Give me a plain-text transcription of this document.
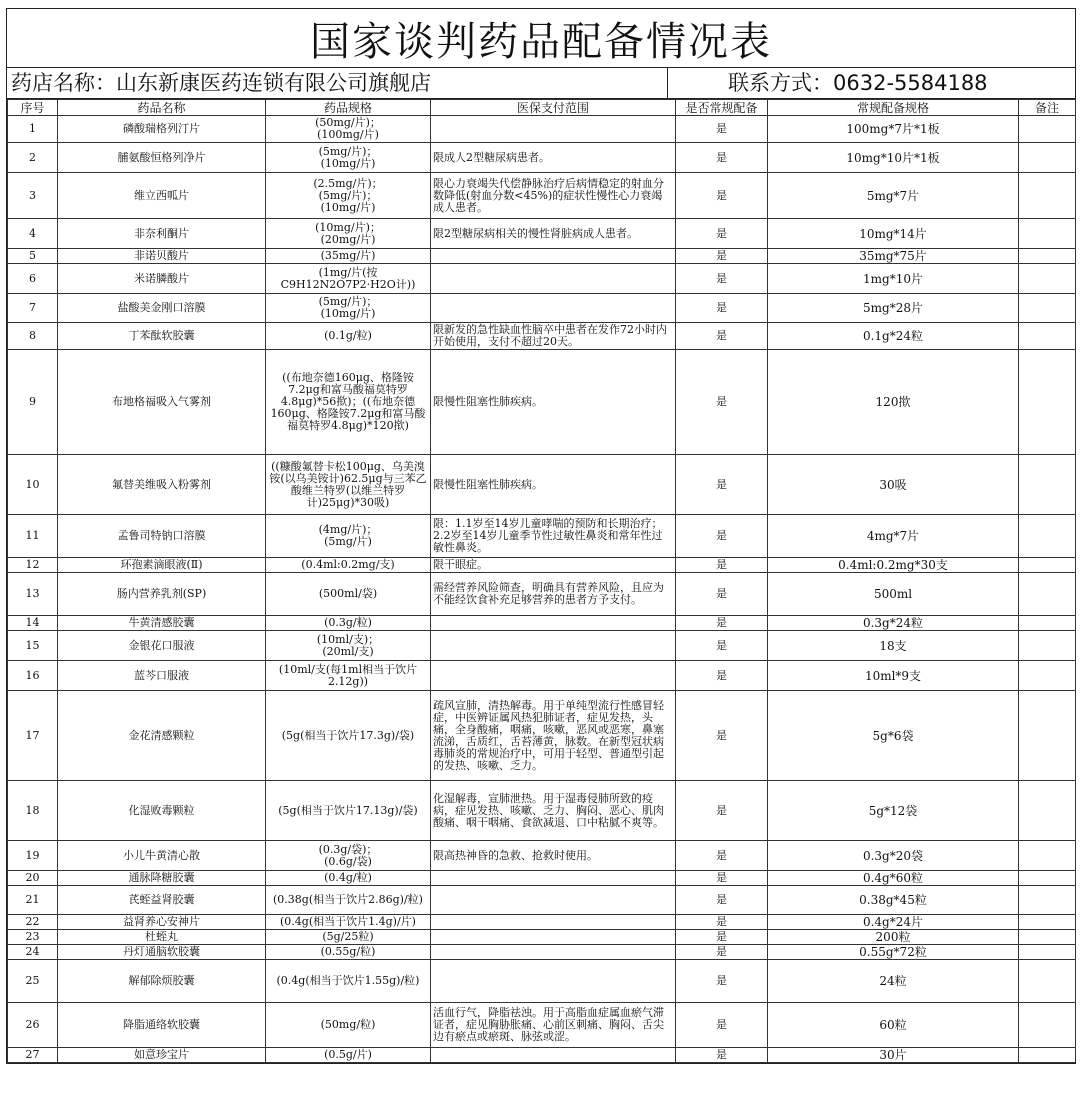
国家谈判药品配备情况表
药店名称：山东新康医药连锁有限公司旗舰店	联系方式：0632-5584188
序号	药品名称	药品规格	医保支付范围	是否常规配备	常规配备规格	备注
1	磷酸瑞格列汀片	(50mg/片)；
(100mg/片)		是	100mg*7片*1板	
2	脯氨酸恒格列净片	(5mg/片)；
(10mg/片)	限成人2型糖尿病患者。	是	10mg*10片*1板	
3	维立西呱片	(2.5mg/片)；
(5mg/片)；
(10mg/片)	限心力衰竭失代偿静脉治疗后病情稳定的射血分数降低(射血分数<45%)的症状性慢性心力衰竭成人患者。	是	5mg*7片	
4	非奈利酮片	(10mg/片)；
(20mg/片)	限2型糖尿病相关的慢性肾脏病成人患者。	是	10mg*14片	
5	非诺贝酸片	(35mg/片)		是	35mg*75片	
6	米诺膦酸片	(1mg/片(按C9H12N2O7P2·H2O计))		是	1mg*10片	
7	盐酸美金刚口溶膜	(5mg/片)；
(10mg/片)		是	5mg*28片	
8	丁苯酞软胶囊	(0.1g/粒)	限新发的急性缺血性脑卒中患者在发作72小时内开始使用，支付不超过20天。	是	0.1g*24粒	
9	布地格福吸入气雾剂	((布地奈德160μg、格隆铵7.2μg和富马酸福莫特罗4.8μg)*56揿)；((布地奈德160μg、格隆铵7.2μg和富马酸福莫特罗4.8μg)*120揿)	限慢性阻塞性肺疾病。	是	120揿	
10	氟替美维吸入粉雾剂	((糠酸氟替卡松100μg、乌美溴铵(以乌美铵计)62.5μg与三苯乙酸维兰特罗(以维兰特罗计)25μg)*30吸)	限慢性阻塞性肺疾病。	是	30吸	
11	孟鲁司特钠口溶膜	(4mg/片)；
(5mg/片)	限：1.1岁至14岁儿童哮喘的预防和长期治疗；2.2岁至14岁儿童季节性过敏性鼻炎和常年性过敏性鼻炎。	是	4mg*7片	
12	环孢素滴眼液(Ⅱ)	(0.4ml:0.2mg/支)	限干眼症。	是	0.4ml:0.2mg*30支	
13	肠内营养乳剂(SP)	(500ml/袋)	需经营养风险筛查，明确具有营养风险，且应为不能经饮食补充足够营养的患者方予支付。	是	500ml	
14	牛黄清感胶囊	(0.3g/粒)		是	0.3g*24粒	
15	金银花口服液	(10ml/支)；
(20ml/支)		是	18支	
16	蓝芩口服液	(10ml/支(每1ml相当于饮片2.12g))		是	10ml*9支	
17	金花清感颗粒	(5g(相当于饮片17.3g)/袋)	疏风宣肺，清热解毒。用于单纯型流行性感冒轻症，中医辨证属风热犯肺证者，症见发热，头痛，全身酸痛，咽痛，咳嗽，恶风或恶寒，鼻塞流涕，舌质红，舌苔薄黄，脉数。在新型冠状病毒肺炎的常规治疗中，可用于轻型、普通型引起的发热、咳嗽、乏力。	是	5g*6袋	
18	化湿败毒颗粒	(5g(相当于饮片17.13g)/袋)	化湿解毒，宣肺泄热。用于湿毒侵肺所致的疫病，症见发热、咳嗽、乏力、胸闷、恶心、肌肉酸痛、咽干咽痛、食欲减退、口中粘腻不爽等。	是	5g*12袋	
19	小儿牛黄清心散	(0.3g/袋)；
(0.6g/袋)	限高热神昏的急救、抢救时使用。	是	0.3g*20袋	
20	通脉降糖胶囊	(0.4g/粒)		是	0.4g*60粒	
21	芪蛭益肾胶囊	(0.38g(相当于饮片2.86g)/粒)		是	0.38g*45粒	
22	益肾养心安神片	(0.4g(相当于饮片1.4g)/片)		是	0.4g*24片	
23	杜蛭丸	(5g/25粒)		是	200粒	
24	丹灯通脑软胶囊	(0.55g/粒)		是	0.55g*72粒	
25	解郁除烦胶囊	(0.4g(相当于饮片1.55g)/粒)		是	24粒	
26	降脂通络软胶囊	(50mg/粒)	活血行气，降脂祛浊。用于高脂血症属血瘀气滞证者，症见胸胁胀痛、心前区刺痛、胸闷、舌尖边有瘀点或瘀斑、脉弦或涩。	是	60粒	
27	如意珍宝片	(0.5g/片)		是	30片	
